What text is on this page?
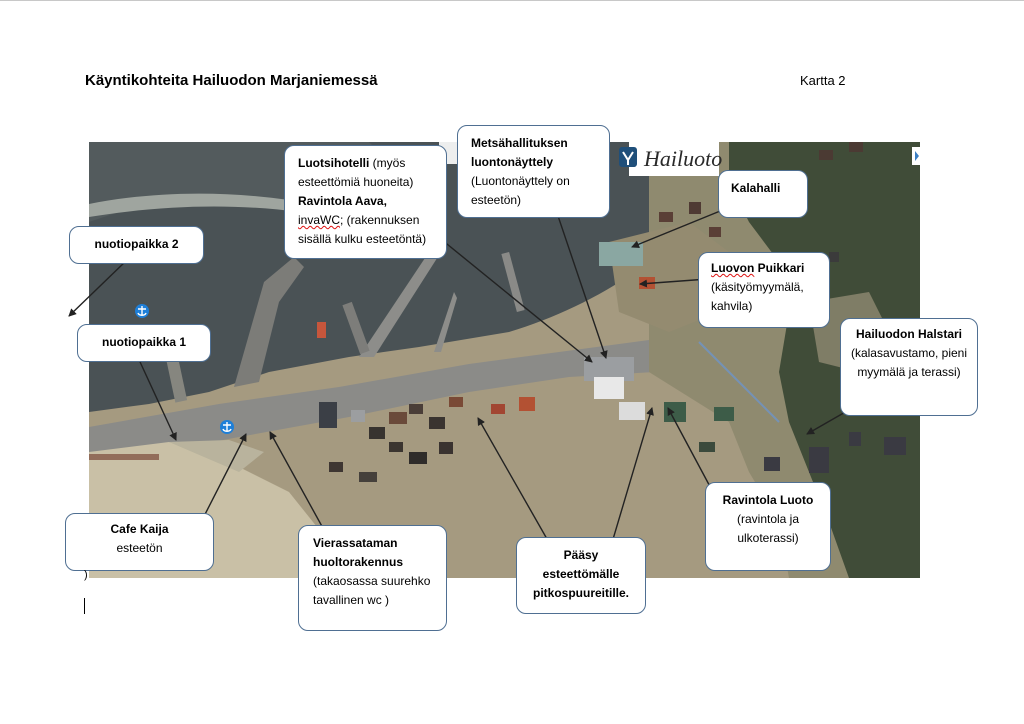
Käyntikohteita Hailuodon Marjaniemessä	Kartta 2
Hailuoto
nuotiopaikka 2
nuotiopaikka 1
Luotsihotelli (myös esteettömiä huoneita)
Ravintola Aava,
invaWC; (rakennuksen sisällä kulku esteetöntä)
Metsähallituksen luontonäyttely
(Luontonäyttely on esteetön)
Kalahalli
Luovon Puikkari
(käsityömyymälä, kahvila)
Hailuodon Halstari
(kalasavustamo, pieni myymälä ja terassi)
Cafe Kaija
esteetön	Vierassataman huoltorakennus
(takaosassa suurehko tavallinen wc )
Pääsy esteettömälle pitkospuureitille.
Ravintola Luoto
(ravintola ja ulkoterassi)
)
